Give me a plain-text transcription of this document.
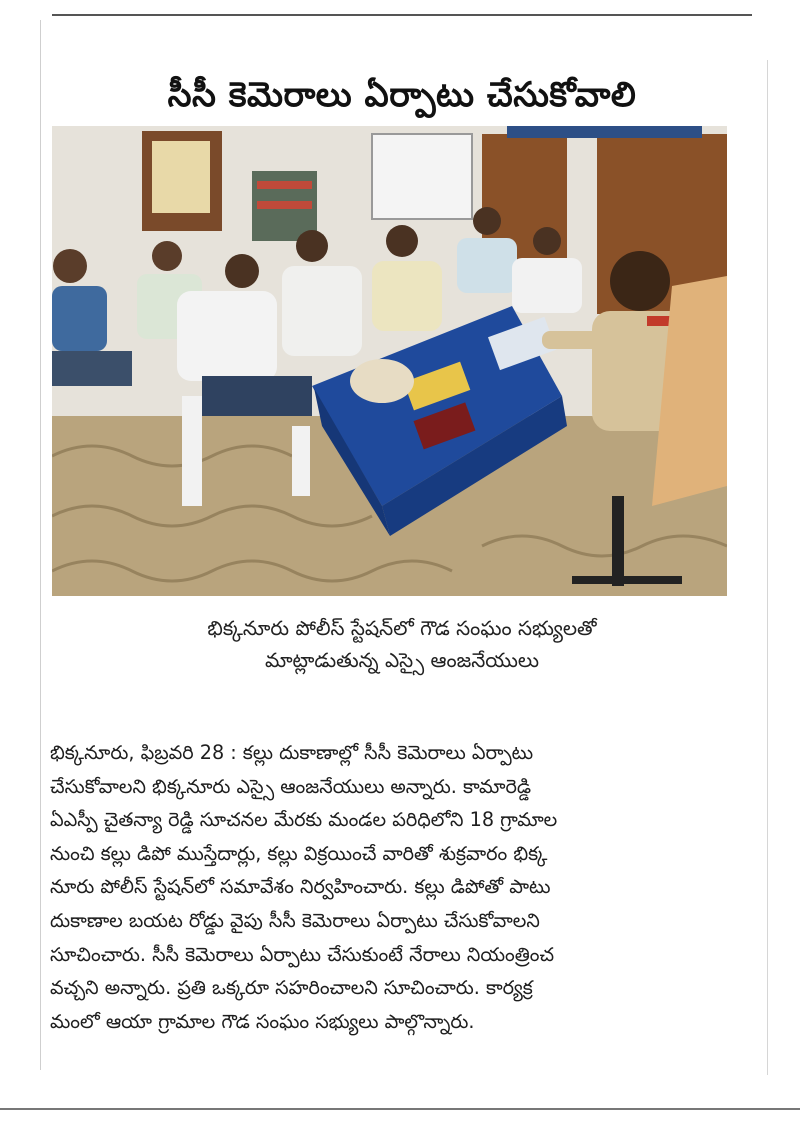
సీసీ కెమెరాలు ఏర్పాటు చేసుకోవాలి
భిక్కనూరు పోలీస్ స్టేషన్‌లో గౌడ సంఘం సభ్యులతో
మాట్లాడుతున్న ఎస్సై ఆంజనేయులు
భిక్కనూరు, ఫిబ్రవరి 28 : కల్లు దుకాణాల్లో సీసీ కెమెరాలు ఏర్పాటు
చేసుకోవాలని భిక్కనూరు ఎస్సై ఆంజనేయులు అన్నారు. కామారెడ్డి
ఏఎస్పీ చైతన్యా రెడ్డి సూచనల మేరకు మండల పరిధిలోని 18 గ్రామాల
నుంచి కల్లు డిపో ముస్తేదార్లు, కల్లు విక్రయించే వారితో శుక్రవారం భిక్క
నూరు పోలీస్ స్టేషన్‌లో సమావేశం నిర్వహించారు. కల్లు డిపోతో పాటు
దుకాణాల బయట రోడ్డు వైపు సీసీ కెమెరాలు ఏర్పాటు చేసుకోవాలని
సూచించారు. సీసీ కెమెరాలు ఏర్పాటు చేసుకుంటే నేరాలు నియంత్రించ
వచ్చని అన్నారు. ప్రతి ఒక్కరూ సహరించాలని సూచించారు. కార్యక్ర
మంలో ఆయా గ్రామాల గౌడ సంఘం సభ్యులు పాల్గొన్నారు.
